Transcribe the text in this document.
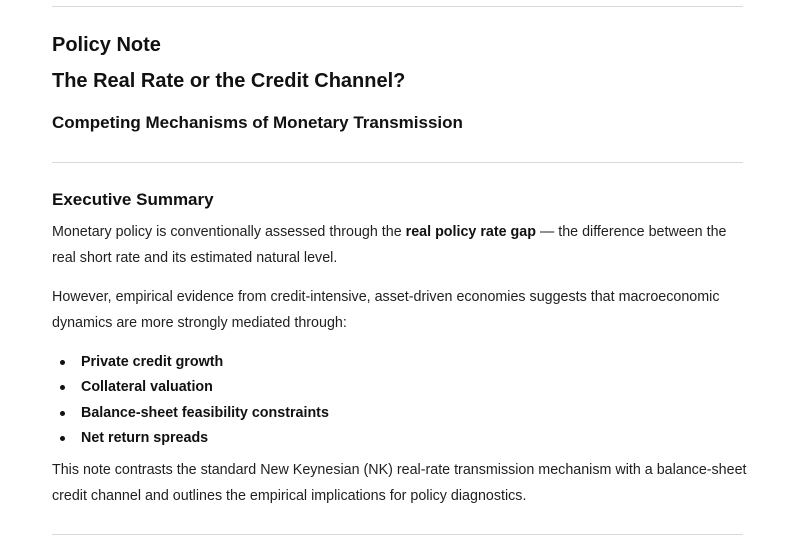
Policy Note
The Real Rate or the Credit Channel?
Competing Mechanisms of Monetary Transmission
Executive Summary

Monetary policy is conventionally assessed through the real policy rate gap — the difference between the real short rate and its estimated natural level.

However, empirical evidence from credit-intensive, asset-driven economies suggests that macroeconomic dynamics are more strongly mediated through:

Private credit growth
Collateral valuation
Balance-sheet feasibility constraints
Net return spreads

This note contrasts the standard New Keynesian (NK) real-rate transmission mechanism with a balance-sheet credit channel and outlines the empirical implications for policy diagnostics.
